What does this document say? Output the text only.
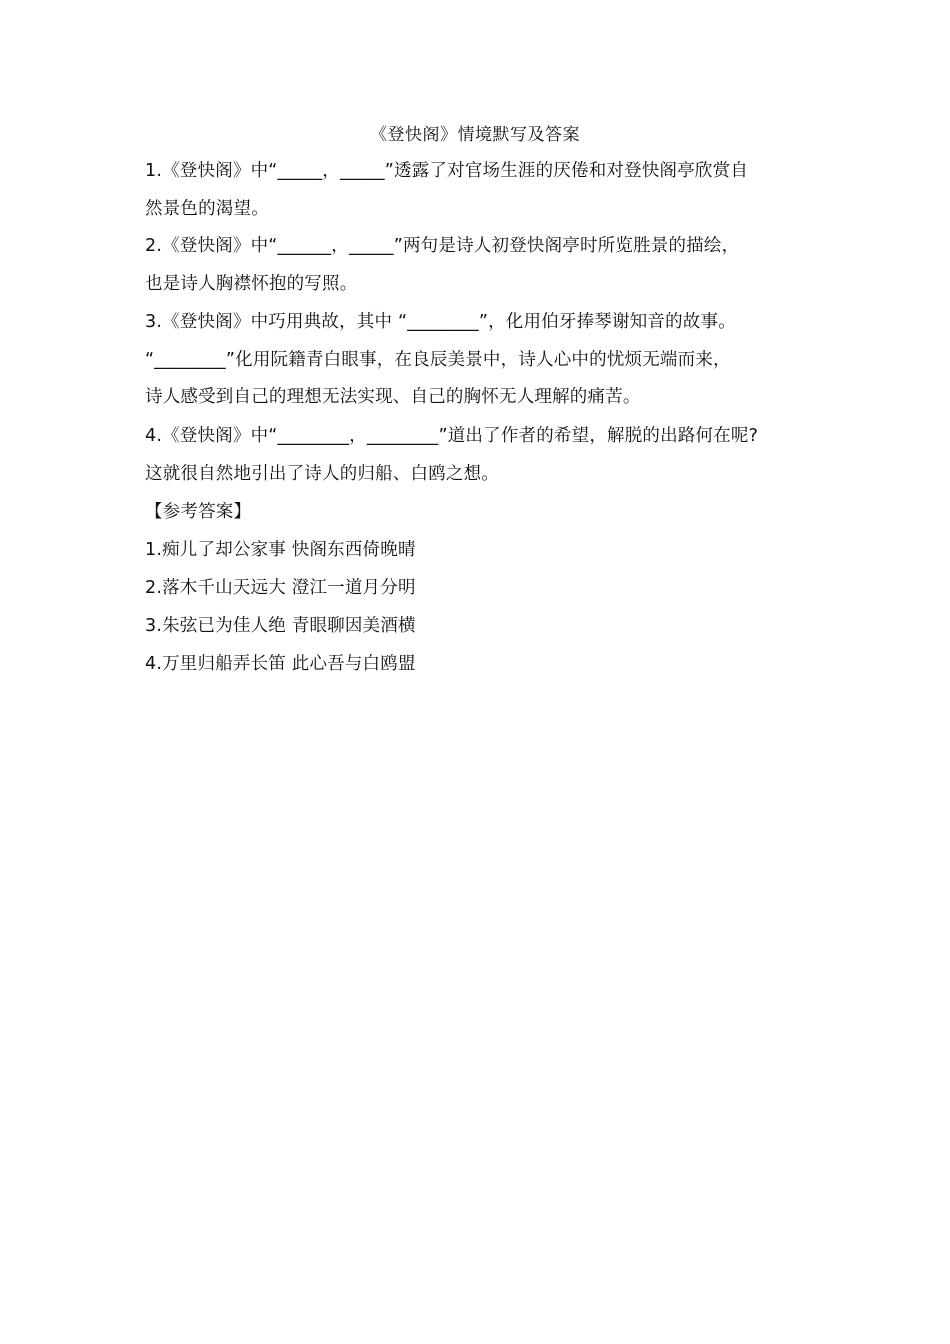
《登快阁》情境默写及答案
1.《登快阁》中“_____，_____”透露了对官场生涯的厌倦和对登快阁亭欣赏自
然景色的渴望。
2.《登快阁》中“______，_____”两句是诗人初登快阁亭时所览胜景的描绘，
也是诗人胸襟怀抱的写照。
3.《登快阁》中巧用典故，其中 “________”，化用伯牙捧琴谢知音的故事。
“________”化用阮籍青白眼事，在良辰美景中，诗人心中的忧烦无端而来，
诗人感受到自己的理想无法实现、自己的胸怀无人理解的痛苦。
4.《登快阁》中“________，________”道出了作者的希望，解脱的出路何在呢?
这就很自然地引出了诗人的归船、白鸥之想。
【参考答案】
1.痴儿了却公家事 快阁东西倚晚晴
2.落木千山天远大 澄江一道月分明
3.朱弦已为佳人绝 青眼聊因美酒横
4.万里归船弄长笛 此心吾与白鸥盟
